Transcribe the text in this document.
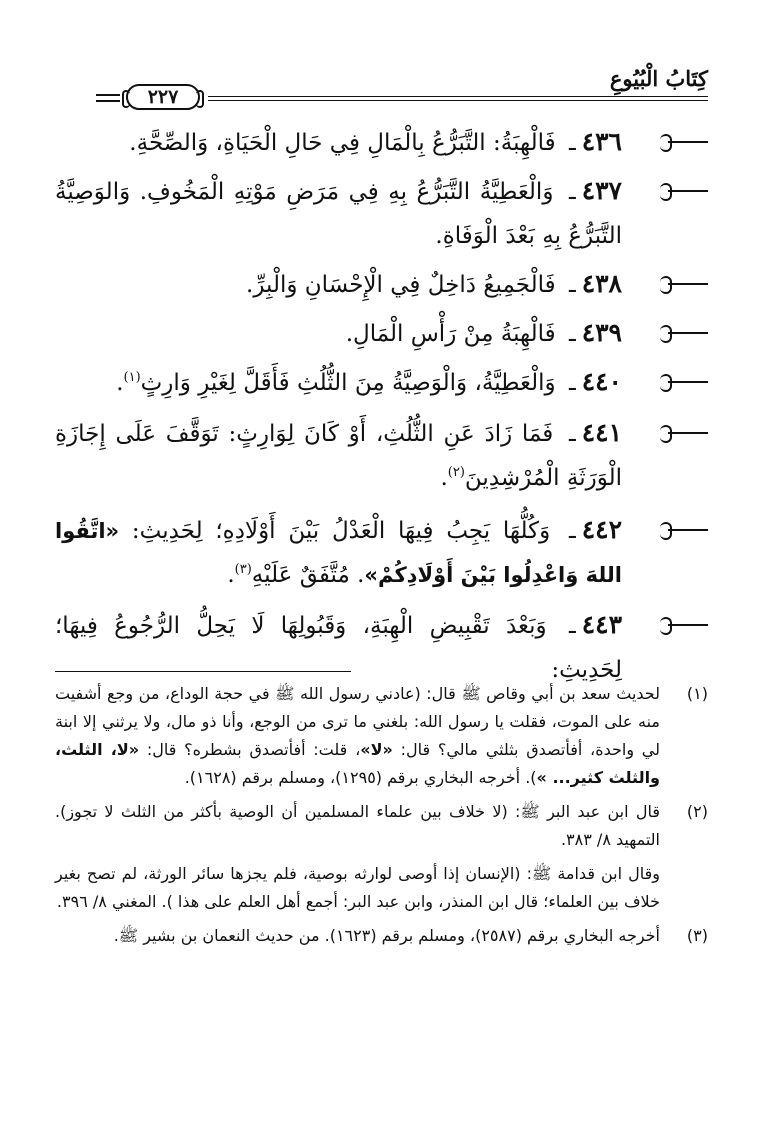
كِتَابُ الْبُيُوعِ
٢٢٧
٤٣٦ـ فَالْهِبَةُ: التَّبَرُّعُ بِالْمَالِ فِي حَالِ الْحَيَاةِ، وَالصِّحَّةِ.
٤٣٧ـ وَالْعَطِيَّةُ التَّبَرُّعُ بِهِ فِي مَرَضِ مَوْتِهِ الْمَخُوفِ. وَالوَصِيَّةُ التَّبَرُّعُ بِهِ بَعْدَ الْوَفَاةِ.
٤٣٨ـ فَالْجَمِيعُ دَاخِلٌ فِي الْإِحْسَانِ وَالْبِرِّ.
٤٣٩ـ فَالْهِبَةُ مِنْ رَأْسِ الْمَالِ.
٤٤٠ـ وَالْعَطِيَّةُ، وَالْوَصِيَّةُ مِنَ الثُّلُثِ فَأَقَلَّ لِغَيْرِ وَارِثٍ$^{(١)}$.
٤٤١ـ فَمَا زَادَ عَنِ الثُّلُثِ، أَوْ كَانَ لِوَارِثٍ: تَوَقَّفَ عَلَى إِجَازَةِ الْوَرَثَةِ الْمُرْشِدِينَ$^{(٢)}$.
٤٤٢ـ وَكُلُّهَا يَجِبُ فِيهَا الْعَدْلُ بَيْنَ أَوْلَادِهِ؛ لِحَدِيثِ: «اتَّقُوا اللهَ وَاعْدِلُوا بَيْنَ أَوْلَادِكُمْ». مُتَّفَقٌ عَلَيْهِ$^{(٣)}$.
٤٤٣ـ وَبَعْدَ تَقْبِيضِ الْهِبَةِ، وَقَبُولِهَا لَا يَحِلُّ الرُّجُوعُ فِيهَا؛ لِحَدِيثِ:
(١)
لحديث سعد بن أبي وقاص ﷺ قال: (عادني رسول الله ﷺ في حجة الوداع، من وجع أشفيت منه على الموت، فقلت يا رسول الله: بلغني ما ترى من الوجع، وأنا ذو مال، ولا يرثني إلا ابنة لي واحدة، أفأتصدق بثلثي مالي؟ قال: «لا»، قلت: أفأتصدق بشطره؟ قال: «لا، الثلث، والثلث كثير... »). أخرجه البخاري برقم (١٢٩٥)، ومسلم برقم (١٦٢٨).
(٢)
قال ابن عبد البر ﷺ: (لا خلاف بين علماء المسلمين أن الوصية بأكثر من الثلث لا تجوز). التمهيد ٨/ ٣٨٣.
وقال ابن قدامة ﷺ: (الإنسان إذا أوصى لوارثه بوصية، فلم يجزها سائر الورثة، لم تصح بغير خلاف بين العلماء؛ قال ابن المنذر، وابن عبد البر: أجمع أهل العلم على هذا ). المغني ٨/ ٣٩٦.
(٣)
أخرجه البخاري برقم (٢٥٨٧)، ومسلم برقم (١٦٢٣). من حديث النعمان بن بشير ﷺ.
